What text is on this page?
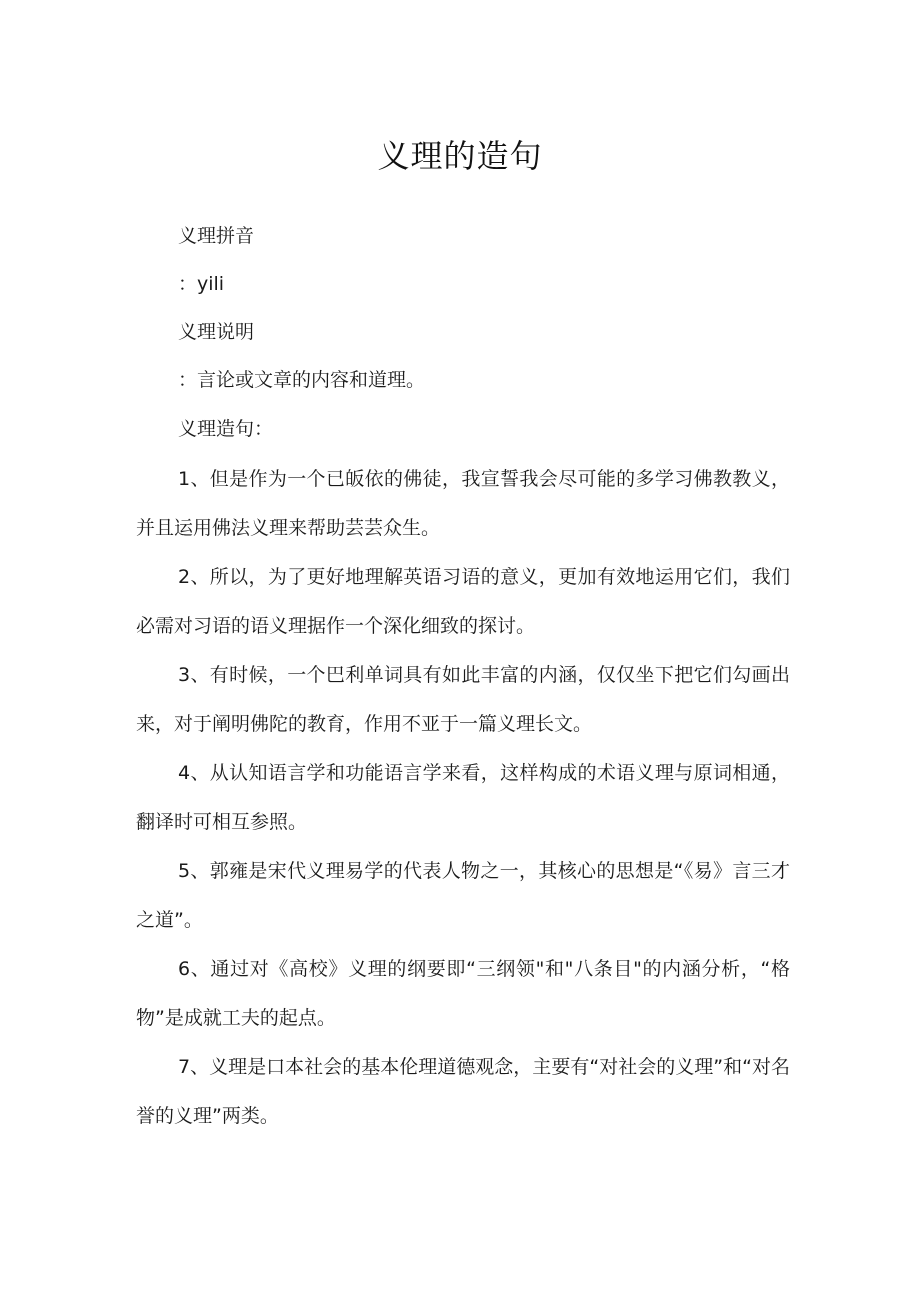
义理的造句
义理拼音
：yili
义理说明
：言论或文章的内容和道理。
义理造句：
1、但是作为一个已皈依的佛徒，我宣誓我会尽可能的多学习佛教教义，并且运用佛法义理来帮助芸芸众生。
2、所以，为了更好地理解英语习语的意义，更加有效地运用它们，我们必需对习语的语义理据作一个深化细致的探讨。
3、有时候，一个巴利单词具有如此丰富的内涵，仅仅坐下把它们勾画出来，对于阐明佛陀的教育，作用不亚于一篇义理长文。
4、从认知语言学和功能语言学来看，这样构成的术语义理与原词相通，翻译时可相互参照。
5、郭雍是宋代义理易学的代表人物之一，其核心的思想是“《易》言三才之道”。
6、通过对《高校》义理的纲要即“三纲领"和"八条目"的内涵分析，“格物”是成就工夫的起点。
7、义理是口本社会的基本伦理道德观念，主要有“对社会的义理”和“对名誉的义理”两类。
